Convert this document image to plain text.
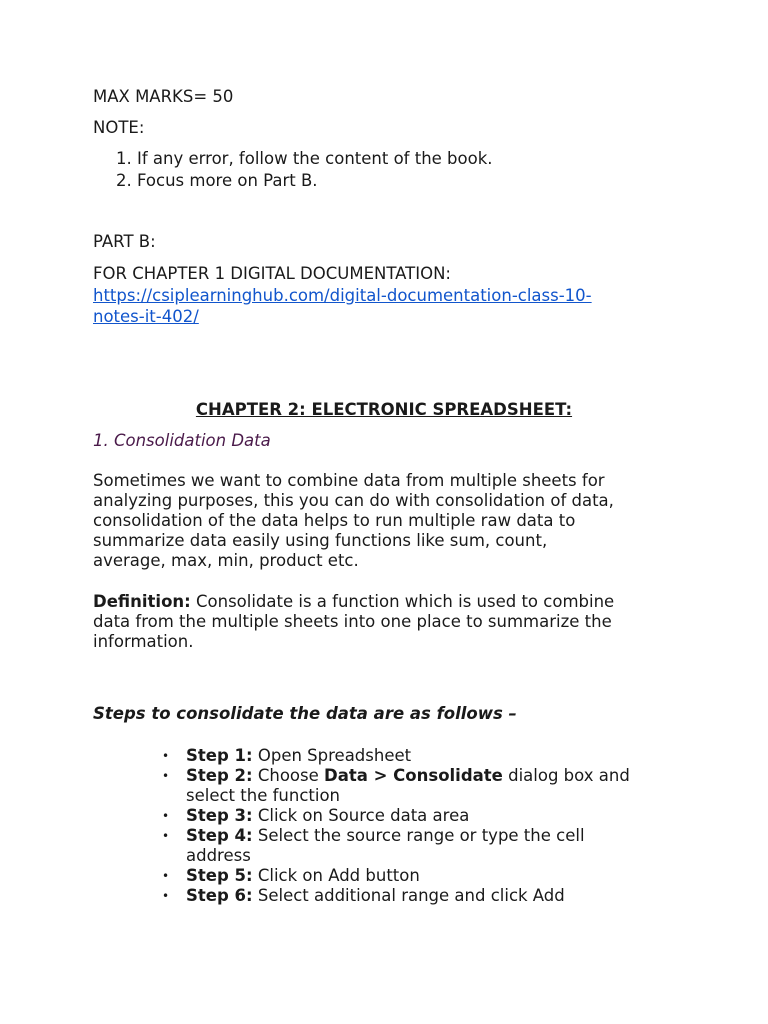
MAX MARKS= 50
NOTE:
1. If any error, follow the content of the book.
2. Focus more on Part B.
PART B:
FOR CHAPTER 1 DIGITAL DOCUMENTATION:
https://csiplearninghub.com/digital-documentation-class-10-
notes-it-402/
CHAPTER 2: ELECTRONIC SPREADSHEET:
1. Consolidation Data
Sometimes we want to combine data from multiple sheets for
analyzing purposes, this you can do with consolidation of data,
consolidation of the data helps to run multiple raw data to
summarize data easily using functions like sum, count,
average, max, min, product etc.
Definition: Consolidate is a function which is used to combine
data from the multiple sheets into one place to summarize the
information.
Steps to consolidate the data are as follows –
• Step 1: Open Spreadsheet
• Step 2: Choose Data > Consolidate dialog box and
select the function
• Step 3: Click on Source data area
• Step 4: Select the source range or type the cell
address
• Step 5: Click on Add button
• Step 6: Select additional range and click Add
